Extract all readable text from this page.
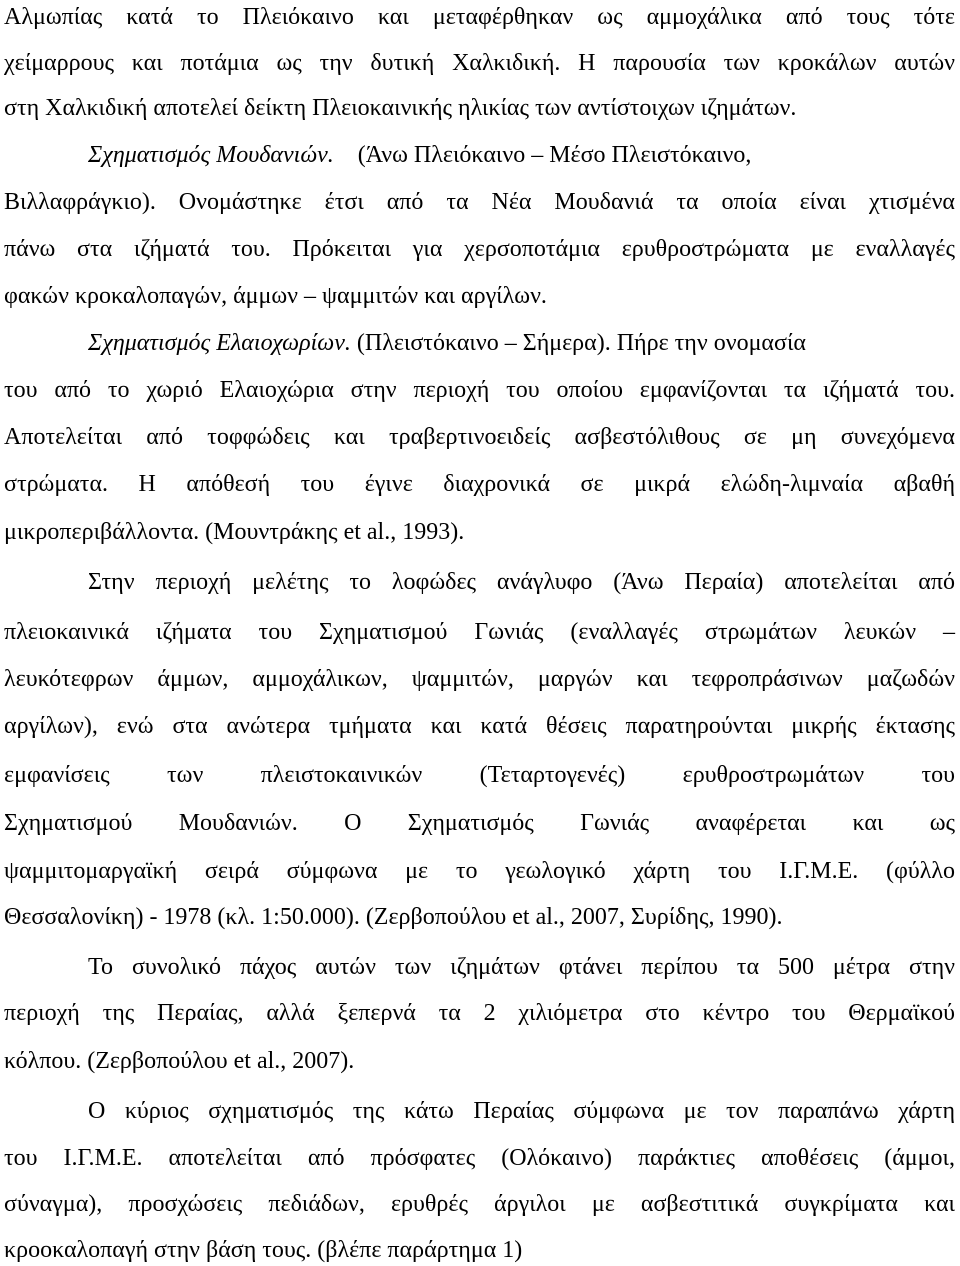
Αλμωπίας κατά το Πλειόκαινο και μεταφέρθηκαν ως αμμοχάλικα από τους τότε
χείμαρρους και ποτάμια ως την δυτική Χαλκιδική. Η παρουσία των κροκάλων αυτών
στη Χαλκιδική αποτελεί δείκτη Πλειοκαινικής ηλικίας των αντίστοιχων ιζημάτων.
Σχηματισμός Μουδανιών. (Άνω Πλειόκαινο – Μέσο Πλειστόκαινο,
Βιλλαφράγκιο). Ονομάστηκε έτσι από τα Νέα Μουδανιά τα οποία είναι χτισμένα
πάνω στα ιζήματά του. Πρόκειται για χερσοποτάμια ερυθροστρώματα με εναλλαγές
φακών κροκαλοπαγών, άμμων – ψαμμιτών και αργίλων.
Σχηματισμός Ελαιοχωρίων. (Πλειστόκαινο – Σήμερα). Πήρε την ονομασία
του από το χωριό Ελαιοχώρια στην περιοχή του οποίου εμφανίζονται τα ιζήματά του.
Αποτελείται από τοφφώδεις και τραβερτινοειδείς ασβεστόλιθους σε μη συνεχόμενα
στρώματα. Η απόθεσή του έγινε διαχρονικά σε μικρά ελώδη-λιμναία αβαθή
μικροπεριβάλλοντα. (Μουντράκης et al., 1993).
Στην περιοχή μελέτης το λοφώδες ανάγλυφο (Άνω Περαία) αποτελείται από
πλειοκαινικά ιζήματα του Σχηματισμού Γωνιάς (εναλλαγές στρωμάτων λευκών –
λευκότεφρων άμμων, αμμοχάλικων, ψαμμιτών, μαργών και τεφροπράσινων μαζωδών
αργίλων), ενώ στα ανώτερα τμήματα και κατά θέσεις παρατηρούνται μικρής έκτασης
εμφανίσεις των πλειστοκαινικών (Τεταρτογενές) ερυθροστρωμάτων του
Σχηματισμού Μουδανιών. Ο Σχηματισμός Γωνιάς αναφέρεται και ως
ψαμμιτομαργαϊκή σειρά σύμφωνα με το γεωλογικό χάρτη του Ι.Γ.Μ.Ε. (φύλλο
Θεσσαλονίκη) - 1978 (κλ. 1:50.000). (Ζερβοπούλου et al., 2007, Συρίδης, 1990).
Το συνολικό πάχος αυτών των ιζημάτων φτάνει περίπου τα 500 μέτρα στην
περιοχή της Περαίας, αλλά ξεπερνά τα 2 χιλιόμετρα στο κέντρο του Θερμαϊκού
κόλπου. (Ζερβοπούλου et al., 2007).
Ο κύριος σχηματισμός της κάτω Περαίας σύμφωνα με τον παραπάνω χάρτη
του Ι.Γ.Μ.Ε. αποτελείται από πρόσφατες (Ολόκαινο) παράκτιες αποθέσεις (άμμοι,
σύναγμα), προσχώσεις πεδιάδων, ερυθρές άργιλοι με ασβεστιτικά συγκρίματα και
κροοκαλοπαγή στην βάση τους. (βλέπε παράρτημα 1)
